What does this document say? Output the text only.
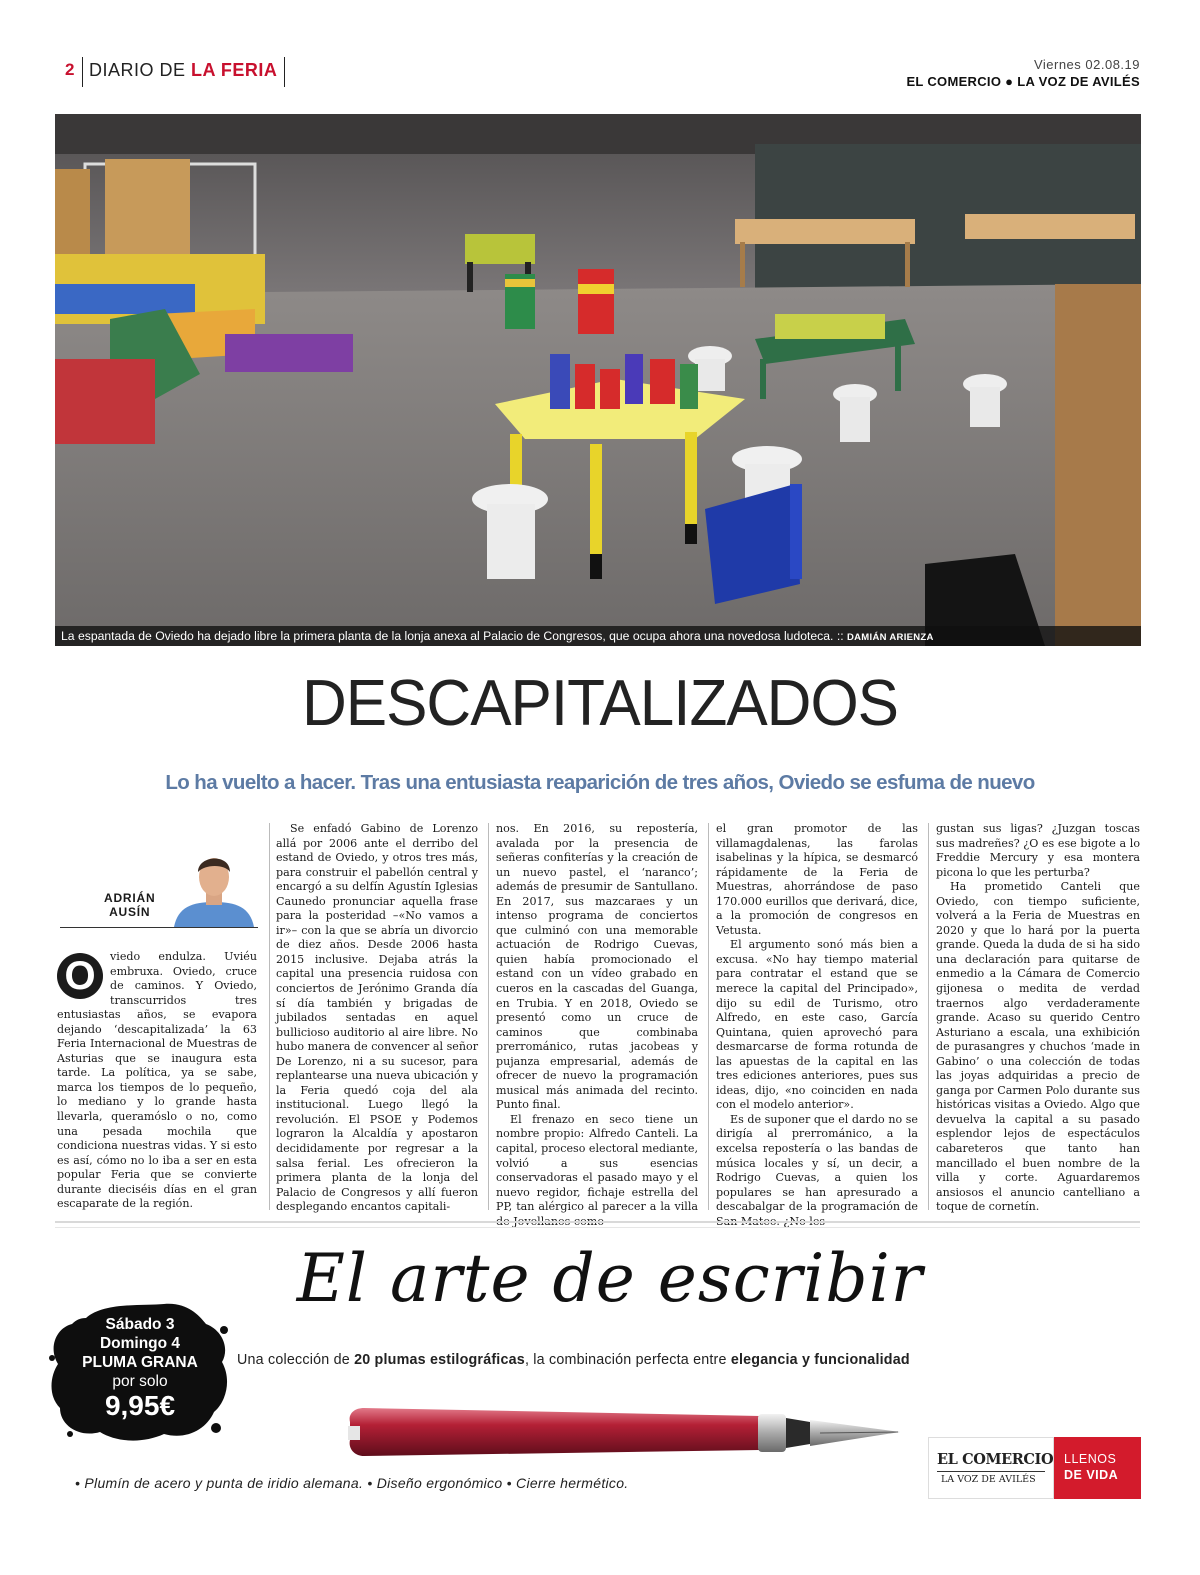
2 DIARIO DE LA FERIA	Viernes 02.08.19
EL COMERCIO ● LA VOZ DE AVILÉS
La espantada de Oviedo ha dejado libre la primera planta de la lonja anexa al Palacio de Congresos, que ocupa ahora una novedosa ludoteca. :: DAMIÁN ARIENZA
DESCAPITALIZADOS
Lo ha vuelto a hacer. Tras una entusiasta reaparición de tres años, Oviedo se esfuma de nuevo
ADRIÁN
AUSÍN

O	viedo endulza. Uviéu embruxa. Oviedo, cruce de caminos. Y Oviedo, transcurridos tres entusiastas años, se evapora dejando ‘descapitalizada’ la 63 Feria Internacional de Muestras de Asturias que se inaugura esta tarde. La política, ya se sabe, marca los tiempos de lo pequeño, lo mediano y lo grande hasta llevarla, queramóslo o no, como una pesada mochila que condiciona nuestras vidas. Y si esto es así, cómo no lo iba a ser en esta popular Feria que se convierte durante dieciséis días en el gran escaparate de la región.

Se enfadó Gabino de Lorenzo allá por 2006 ante el derribo del estand de Oviedo, y otros tres más, para construir el pabellón central y encargó a su delfín Agustín Iglesias Caunedo pronunciar aquella frase para la posteridad –«No vamos a ir»– con la que se abría un divorcio de diez años. Desde 2006 hasta 2015 inclusive. Dejaba atrás la capital una presencia ruidosa con conciertos de Jerónimo Granda día sí día también y brigadas de jubilados sentadas en aquel bullicioso auditorio al aire libre. No hubo manera de convencer al señor De Lorenzo, ni a su sucesor, para replantearse una nueva ubicación y la Feria quedó coja del ala institucional. Luego llegó la revolución. El PSOE y Podemos lograron la Alcaldía y apostaron decididamente por regresar a la salsa ferial. Les ofrecieron la primera planta de la lonja del Palacio de Congresos y allí fueron desplegando encantos capitali-

nos. En 2016, su repostería, avalada por la presencia de señeras confiterías y la creación de un nuevo pastel, el ‘naranco’; además de presumir de Santullano. En 2017, sus mazcaraes y un intenso programa de conciertos que culminó con una memorable actuación de Rodrigo Cuevas, quien había promocionado el estand con un vídeo grabado en cueros en la cascadas del Guanga, en Trubia. Y en 2018, Oviedo se presentó como un cruce de caminos que combinaba prerrománico, rutas jacobeas y pujanza empresarial, además de ofrecer de nuevo la programación musical más animada del recinto. Punto final.

El frenazo en seco tiene un nombre propio: Alfredo Canteli. La capital, proceso electoral mediante, volvió a sus esencias conservadoras el pasado mayo y el nuevo regidor, fichaje estrella del PP, tan alérgico al parecer a la villa

el gran promotor de las villamagdalenas, las farolas isabelinas y la hípica, se desmarcó rápidamente de la Feria de Muestras, ahorrándose de paso 170.000 eurillos que derivará, dice, a la promoción de congresos en Vetusta.

El argumento sonó más bien a excusa. «No hay tiempo material para contratar el estand que se merece la capital del Principado», dijo su edil de Turismo, otro Alfredo, en este caso, García Quintana, quien aprovechó para desmarcarse de forma rotunda de las apuestas de la capital en las tres ediciones anteriores, pues sus ideas, dijo, «no coinciden en nada con el modelo anterior».

Es de suponer que el dardo no se dirigía al prerrománico, a la excelsa repostería o las bandas de música locales y sí, un decir, a Rodrigo Cuevas, a quien los populares se han apresurado a descabalgar de la programación de

gustan sus ligas? ¿Juzgan toscas sus madreñes? ¿O es ese bigote a lo Freddie Mercury y esa montera picona lo que les perturba?

Ha prometido Canteli que Oviedo, con tiempo suficiente, volverá a la Feria de Muestras en 2020 y que lo hará por la puerta grande. Queda la duda de si ha sido una declaración para quitarse de enmedio a la Cámara de Comercio gijonesa o medita de verdad traernos algo verdaderamente grande. Acaso su querido Centro Asturiano a escala, una exhibición de purasangres y chuchos ‘made in Gabino’ o una colección de todas las joyas adquiridas a precio de ganga por Carmen Polo durante sus históricas visitas a Oviedo. Algo que devuelva la capital a su pasado esplendor lejos de espectáculos cabareteros que tanto han mancillado el buen nombre de la villa y corte. Aguardaremos ansiosos el anuncio cantelliano a toque de cornetín.

El arte de escribir
Una colección de 20 plumas estilográficas, la combinación perfecta entre elegancia y funcionalidad
Sábado 3
Domingo 4
PLUMA GRANA
por solo
9,95€
• Plumín de acero y punta de iridio alemana. • Diseño ergonómico • Cierre hermético.
EL COMERCIO
LA VOZ DE AVILÉS
LLENOS
DE VIDA
